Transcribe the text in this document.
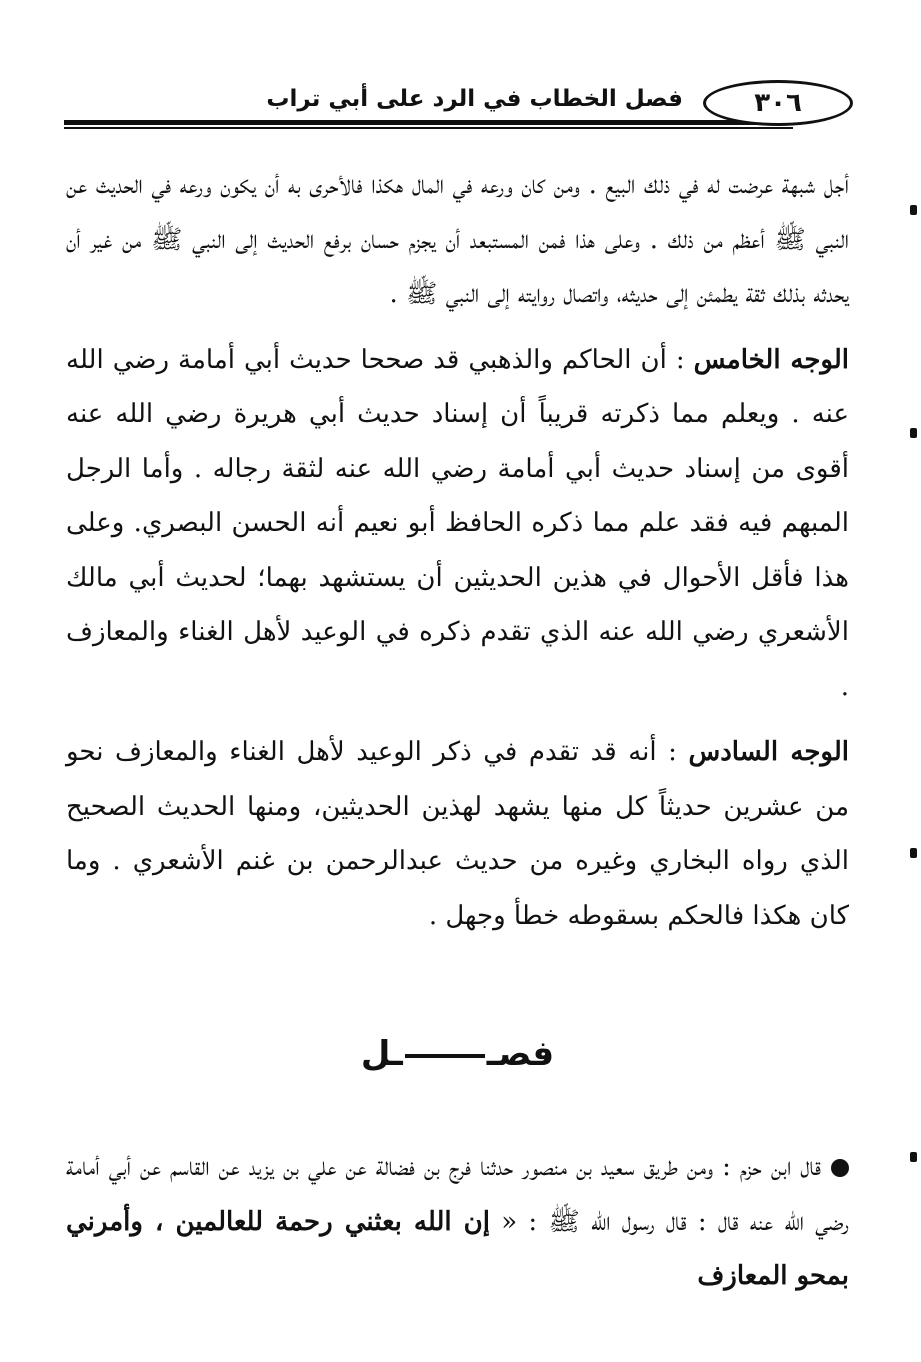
٣٠٦
فصل الخطاب في الرد على أبي تراب

أجل شبهة عرضت له في ذلك البيع . ومن كان ورعه في المال هكذا فالأحرى به أن يكون ورعه في الحديث عن النبي ﷺ أعظم من ذلك . وعلى هذا فمن المستبعد أن يجزم حسان برفع الحديث إلى النبي ﷺ من غير أن يحدثه بذلك ثقة يطمئن إلى حديثه، واتصال روايته إلى النبي ﷺ .

الوجه الخامس : أن الحاكم والذهبي قد صححا حديث أبي أمامة رضي الله عنه . ويعلم مما ذكرته قريباً أن إسناد حديث أبي هريرة رضي الله عنه أقوى من إسناد حديث أبي أمامة رضي الله عنه لثقة رجاله . وأما الرجل المبهم فيه فقد علم مما ذكره الحافظ أبو نعيم أنه الحسن البصري. وعلى هذا فأقل الأحوال في هذين الحديثين أن يستشهد بهما؛ لحديث أبي مالك الأشعري رضي الله عنه الذي تقدم ذكره في الوعيد لأهل الغناء والمعازف .

الوجه السادس : أنه قد تقدم في ذكر الوعيد لأهل الغناء والمعازف نحو من عشرين حديثاً كل منها يشهد لهذين الحديثين، ومنها الحديث الصحيح الذي رواه البخاري وغيره من حديث عبدالرحمن بن غنم الأشعري . وما كان هكذا فالحكم بسقوطه خطأ وجهل .

فصــل

قال ابن حزم : ومن طريق سعيد بن منصور حدثنا فرج بن فضالة عن علي بن يزيد عن القاسم عن أبي أمامة رضي الله عنه قال : قال رسول الله ﷺ : « إن الله بعثني رحمة للعالمين ، وأمرني بمحو المعازف
